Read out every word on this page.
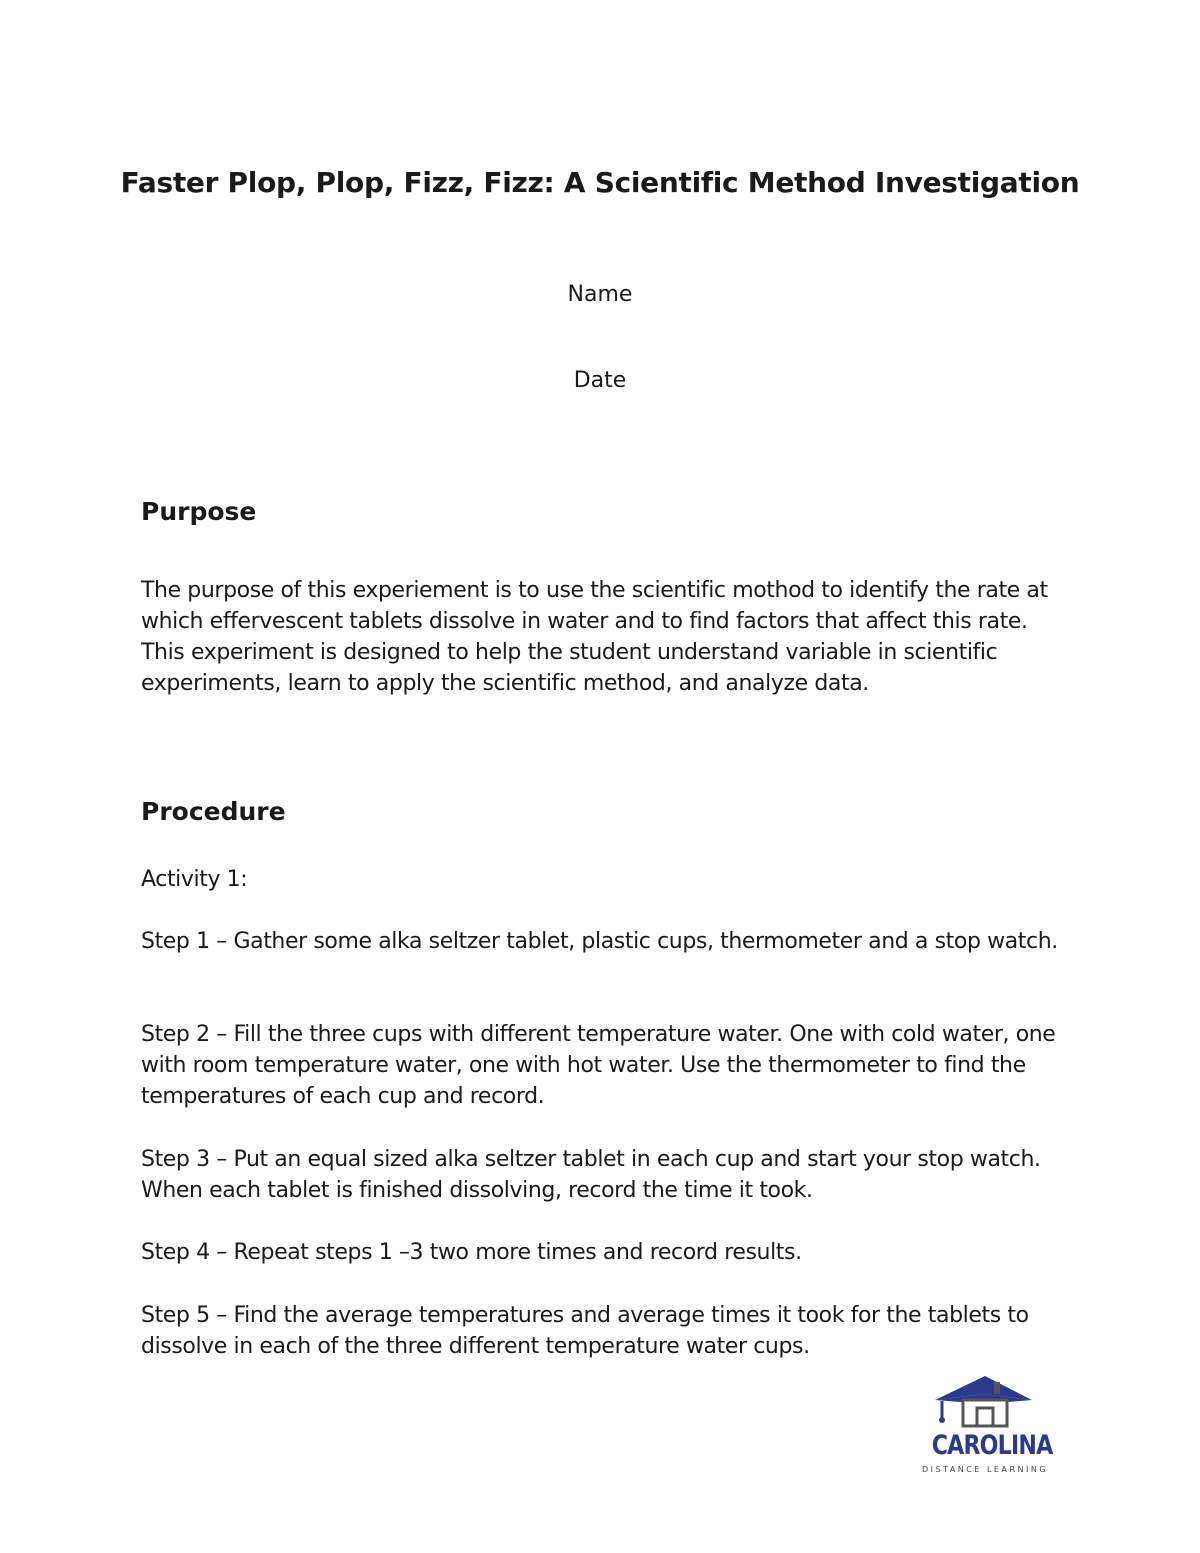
Faster Plop, Plop, Fizz, Fizz: A Scientific Method Investigation

Name

Date

Purpose

The purpose of this experiement is to use the scientific mothod to identify the rate at which effervescent tablets dissolve in water and to find factors that affect this rate. This experiment is designed to help the student understand variable in scientific experiments, learn to apply the scientific method, and analyze data.

Procedure

Activity 1:

Step 1 – Gather some alka seltzer tablet, plastic cups, thermometer and a stop watch.

Step 2 – Fill the three cups with different temperature water. One with cold water, one with room temperature water, one with hot water. Use the thermometer to find the temperatures of each cup and record.

Step 3 – Put an equal sized alka seltzer tablet in each cup and start your stop watch. When each tablet is finished dissolving, record the time it took.

Step 4 – Repeat steps 1 –3 two more times and record results.

Step 5 – Find the average temperatures and average times it took for the tablets to dissolve in each of the three different temperature water cups.

CAROLINA

DISTANCE LEARNING
